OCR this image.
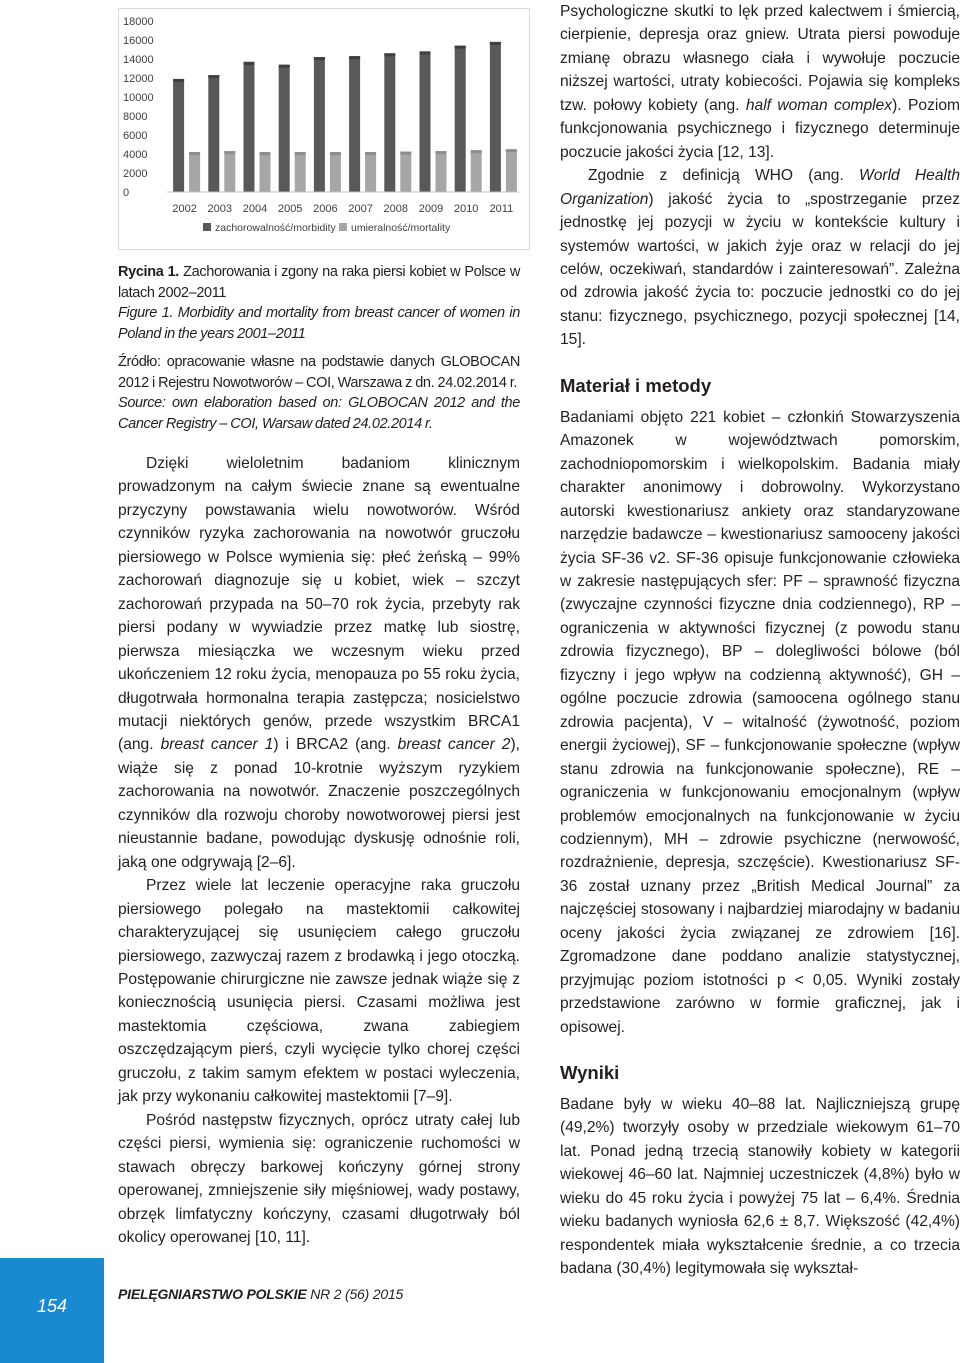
0
2000
4000
6000
8000
10000
12000
14000
16000
18000
2002 2003 2004 2005 2006 2007 2008 2009 2010 2011
zachorowalność/morbidity umieralność/mortality

Rycina 1. Zachorowania i zgony na raka piersi kobiet w Polsce w latach 2002–2011

Figure 1. Morbidity and mortality from breast cancer of women in Poland in the years 2001–2011

Źródło: opracowanie własne na podstawie danych GLOBOCAN 2012 i Rejestru Nowotworów – COI, Warszawa z dn. 24.02.2014 r.

Source: own elaboration based on: GLOBOCAN 2012 and the Cancer Registry – COI, Warsaw dated 24.02.2014 r.

Dzięki wieloletnim badaniom klinicznym prowadzonym na całym świecie znane są ewentualne przyczyny powstawania wielu nowotworów. Wśród czynników ryzyka zachorowania na nowotwór gruczołu piersiowego w Polsce wymienia się: płeć żeńską – 99% zachorowań diagnozuje się u kobiet, wiek – szczyt zachorowań przypada na 50–70 rok życia, przebyty rak piersi podany w wywiadzie przez matkę lub siostrę, pierwsza miesiączka we wczesnym wieku przed ukończeniem 12 roku życia, menopauza po 55 roku życia, długotrwała hormonalna terapia zastępcza; nosicielstwo mutacji niektórych genów, przede wszystkim BRCA1 (ang. breast cancer 1) i BRCA2 (ang. breast cancer 2), wiąże się z ponad 10-krotnie wyższym ryzykiem zachorowania na nowotwór. Znaczenie poszczególnych czynników dla rozwoju choroby nowotworowej piersi jest nieustannie badane, powodując dyskusję odnośnie roli, jaką one odgrywają [2–6].

Przez wiele lat leczenie operacyjne raka gruczołu piersiowego polegało na mastektomii całkowitej charakteryzującej się usunięciem całego gruczołu piersiowego, zazwyczaj razem z brodawką i jego otoczką. Postępowanie chirurgiczne nie zawsze jednak wiąże się z koniecznością usunięcia piersi. Czasami możliwa jest mastektomia częściowa, zwana zabiegiem oszczędzającym pierś, czyli wycięcie tylko chorej części gruczołu, z takim samym efektem w postaci wyleczenia, jak przy wykonaniu całkowitej mastektomii [7–9].

Pośród następstw fizycznych, oprócz utraty całej lub części piersi, wymienia się: ograniczenie ruchomości w stawach obręczy barkowej kończyny górnej strony operowanej, zmniejszenie siły mięśniowej, wady postawy, obrzęk limfatyczny kończyny, czasami długotrwały ból okolicy operowanej [10, 11].

Psychologiczne skutki to lęk przed kalectwem i śmiercią, cierpienie, depresja oraz gniew. Utrata piersi powoduje zmianę obrazu własnego ciała i wywołuje poczucie niższej wartości, utraty kobiecości. Pojawia się kompleks tzw. połowy kobiety (ang. half woman complex). Poziom funkcjonowania psychicznego i fizycznego determinuje poczucie jakości życia [12, 13].

Zgodnie z definicją WHO (ang. World Health Organization) jakość życia to „spostrzeganie przez jednostkę jej pozycji w życiu w kontekście kultury i systemów wartości, w jakich żyje oraz w relacji do jej celów, oczekiwań, standardów i zainteresowań”. Zależna od zdrowia jakość życia to: poczucie jednostki co do jej stanu: fizycznego, psychicznego, pozycji społecznej [14, 15].

Materiał i metody

Badaniami objęto 221 kobiet – członkiń Stowarzyszenia Amazonek w województwach pomorskim, zachodniopomorskim i wielkopolskim. Badania miały charakter anonimowy i dobrowolny. Wykorzystano autorski kwestionariusz ankiety oraz standaryzowane narzędzie badawcze – kwestionariusz samooceny jakości życia SF-36 v2. SF-36 opisuje funkcjonowanie człowieka w zakresie następujących sfer: PF – sprawność fizyczna (zwyczajne czynności fizyczne dnia codziennego), RP – ograniczenia w aktywności fizycznej (z powodu stanu zdrowia fizycznego), BP – dolegliwości bólowe (ból fizyczny i jego wpływ na codzienną aktywność), GH – ogólne poczucie zdrowia (samoocena ogólnego stanu zdrowia pacjenta), V – witalność (żywotność, poziom energii życiowej), SF – funkcjonowanie społeczne (wpływ stanu zdrowia na funkcjonowanie społeczne), RE – ograniczenia w funkcjonowaniu emocjonalnym (wpływ problemów emocjonalnych na funkcjonowanie w życiu codziennym), MH – zdrowie psychiczne (nerwowość, rozdrażnienie, depresja, szczęście). Kwestionariusz SF-36 został uznany przez „British Medical Journal” za najczęściej stosowany i najbardziej miarodajny w badaniu oceny jakości życia związanej ze zdrowiem [16]. Zgromadzone dane poddano analizie statystycznej, przyjmując poziom istotności p < 0,05. Wyniki zostały przedstawione zarówno w formie graficznej, jak i opisowej.

Wyniki

Badane były w wieku 40–88 lat. Najliczniejszą grupę (49,2%) tworzyły osoby w przedziale wiekowym 61–70 lat. Ponad jedną trzecią stanowiły kobiety w kategorii wiekowej 46–60 lat. Najmniej uczestniczek (4,8%) było w wieku do 45 roku życia i powyżej 75 lat – 6,4%. Średnia wieku badanych wyniosła 62,6 ± 8,7. Większość (42,4%) respondentek miała wykształcenie średnie, a co trzecia badana (30,4%) legitymowała się wykształ-

154
PIELĘGNIARSTWO POLSKIE NR 2 (56) 2015
